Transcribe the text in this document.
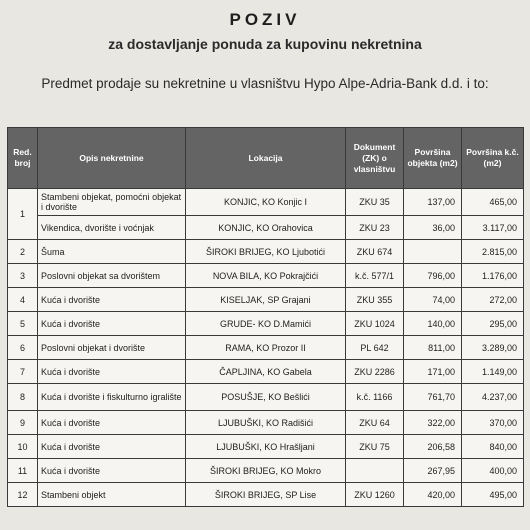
POZIV
za dostavljanje ponuda za kupovinu nekretnina
Predmet prodaje su nekretnine u vlasništvu Hypo Alpe-Adria-Bank d.d. i to:
Red. broj	Opis nekretnine	Lokacija	Dokument (ZK) o vlasništvu	Površina objekta (m2)	Površina k.č. (m2)
1	Stambeni objekat, pomoćni objekat i dvorište	KONJIC, KO Konjic I	ZKU 35	137,00	465,00
	Vikendica, dvorište i voćnjak	KONJIC, KO Orahovica	ZKU 23	36,00	3.117,00
2	Šuma	ŠIROKI BRIJEG, KO Ljubotići	ZKU 674		2.815,00
3	Poslovni objekat sa dvorištem	NOVA BILA, KO Pokrajčići	k.č. 577/1	796,00	1.176,00
4	Kuća i dvorište	KISELJAK, SP Grajani	ZKU 355	74,00	272,00
5	Kuća i dvorište	GRUDE- KO D.Mamići	ZKU 1024	140,00	295,00
6	Poslovni objekat i dvorište	RAMA, KO Prozor II	PL 642	811,00	3.289,00
7	Kuća i dvorište	ČAPLJINA, KO Gabela	ZKU 2286	171,00	1.149,00
8	Kuća i dvorište i fiskulturno igralište	POSUŠJE, KO Bešlići	k.č. 1166	761,70	4.237,00
9	Kuća i dvorište	LJUBUŠKI, KO Radišići	ZKU 64	322,00	370,00
10	Kuća i dvorište	LJUBUŠKI, KO Hrašljani	ZKU 75	206,58	840,00
11	Kuća i dvorište	ŠIROKI BRIJEG, KO Mokro		267,95	400,00
12	Stambeni objekt	ŠIROKI BRIJEG, SP Lise	ZKU 1260	420,00	495,00
